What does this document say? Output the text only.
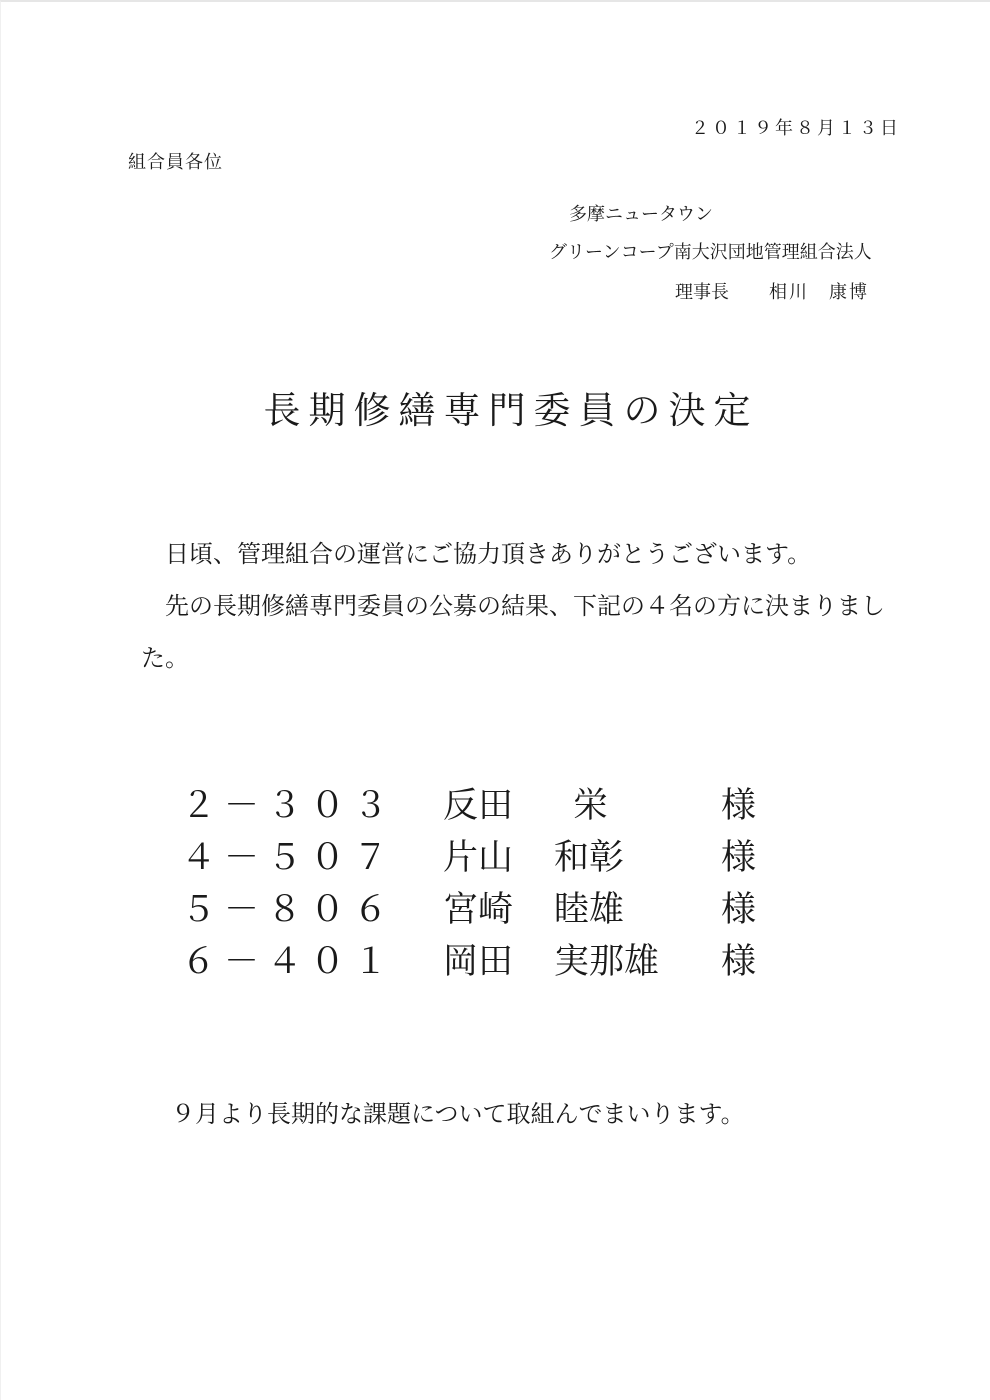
２０１９年８月１３日
組合員各位
多摩ニュータウン
グリーンコープ南大沢団地管理組合法人
理事長 相川　康博
長期修繕専門委員の決定

日頃、管理組合の運営にご協力頂きありがとうございます。

先の長期修繕専門委員の公募の結果、下記の４名の方に決まりました。

２－３０３ 反田 栄	様
４－５０７ 片山 和彰	様
５－８０６ 宮崎 睦雄	様
６－４０１ 岡田 実那雄 様
９月より長期的な課題について取組んでまいります。
